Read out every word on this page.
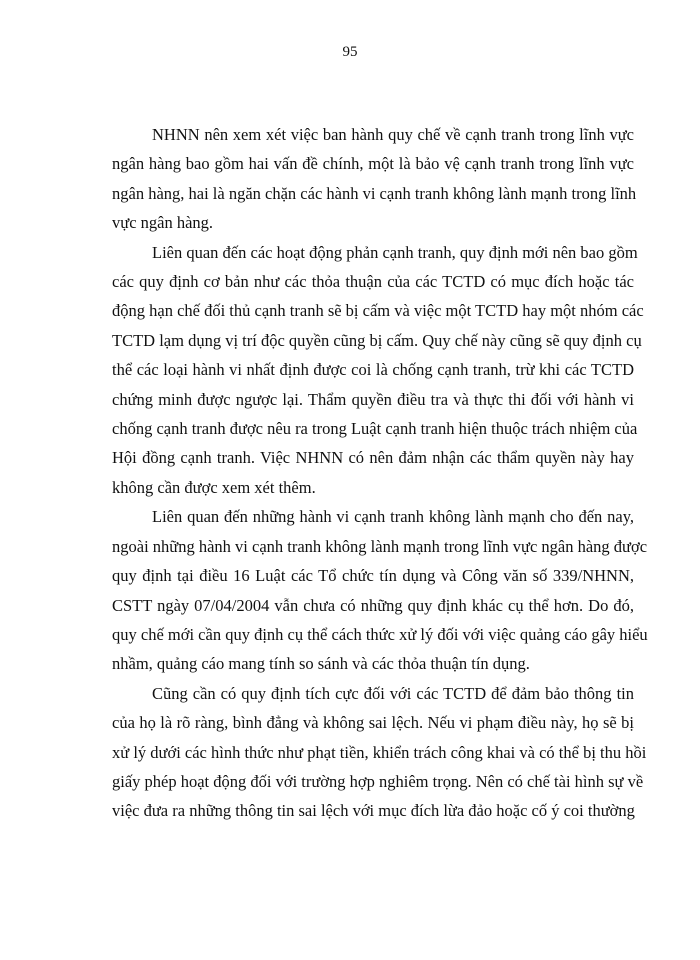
95
NHNN nên xem xét việc ban hành quy chế về cạnh tranh trong lĩnh vực
ngân hàng bao gồm hai vấn đề chính, một là bảo vệ cạnh tranh trong lĩnh vực
ngân hàng, hai là ngăn chặn các hành vi cạnh tranh không lành mạnh trong lĩnh
vực ngân hàng.
Liên quan đến các hoạt động phản cạnh tranh, quy định mới nên bao gồm
các quy định cơ bản như các thỏa thuận của các TCTD có mục đích hoặc tác
động hạn chế đối thủ cạnh tranh sẽ bị cấm và việc một TCTD hay một nhóm các
TCTD lạm dụng vị trí độc quyền cũng bị cấm. Quy chế này cũng sẽ quy định cụ
thể các loại hành vi nhất định được coi là chống cạnh tranh, trừ khi các TCTD
chứng minh được ngược lại. Thẩm quyền điều tra và thực thi đối với hành vi
chống cạnh tranh được nêu ra trong Luật cạnh tranh hiện thuộc trách nhiệm của
Hội đồng cạnh tranh. Việc NHNN có nên đảm nhận các thẩm quyền này hay
không cần được xem xét thêm.
Liên quan đến những hành vi cạnh tranh không lành mạnh cho đến nay,
ngoài những hành vi cạnh tranh không lành mạnh trong lĩnh vực ngân hàng được
quy định tại điều 16 Luật các Tổ chức tín dụng và Công văn số 339/NHNN,
CSTT ngày 07/04/2004 vẫn chưa có những quy định khác cụ thể hơn. Do đó,
quy chế mới cần quy định cụ thể cách thức xử lý đối với việc quảng cáo gây hiểu
nhầm, quảng cáo mang tính so sánh và các thỏa thuận tín dụng.
Cũng cần có quy định tích cực đối với các TCTD để đảm bảo thông tin
của họ là rõ ràng, bình đẳng và không sai lệch. Nếu vi phạm điều này, họ sẽ bị
xử lý dưới các hình thức như phạt tiền, khiển trách công khai và có thể bị thu hồi
giấy phép hoạt động đối với trường hợp nghiêm trọng. Nên có chế tài hình sự về
việc đưa ra những thông tin sai lệch với mục đích lừa đảo hoặc cố ý coi thường
